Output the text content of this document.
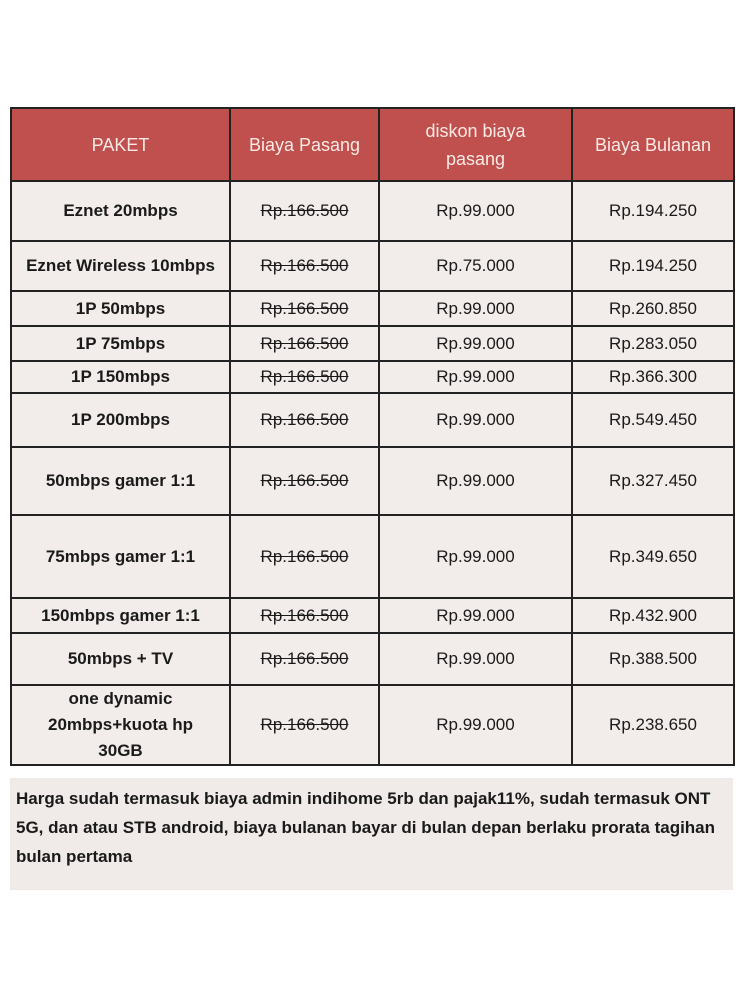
PAKET	Biaya Pasang	diskon biaya pasang	Biaya Bulanan
Eznet 20mbps	Rp.166.500	Rp.99.000	Rp.194.250
Eznet Wireless 10mbps	Rp.166.500	Rp.75.000	Rp.194.250
1P 50mbps	Rp.166.500	Rp.99.000	Rp.260.850
1P 75mbps	Rp.166.500	Rp.99.000	Rp.283.050
1P 150mbps	Rp.166.500	Rp.99.000	Rp.366.300
1P 200mbps	Rp.166.500	Rp.99.000	Rp.549.450
50mbps gamer 1:1	Rp.166.500	Rp.99.000	Rp.327.450
75mbps gamer 1:1	Rp.166.500	Rp.99.000	Rp.349.650
150mbps gamer 1:1	Rp.166.500	Rp.99.000	Rp.432.900
50mbps + TV	Rp.166.500	Rp.99.000	Rp.388.500
one dynamic 20mbps+kuota hp 30GB	Rp.166.500	Rp.99.000	Rp.238.650
Harga sudah termasuk biaya admin indihome 5rb dan pajak11%, sudah termasuk ONT 5G, dan atau STB android, biaya bulanan bayar di bulan depan berlaku prorata tagihan bulan pertama
